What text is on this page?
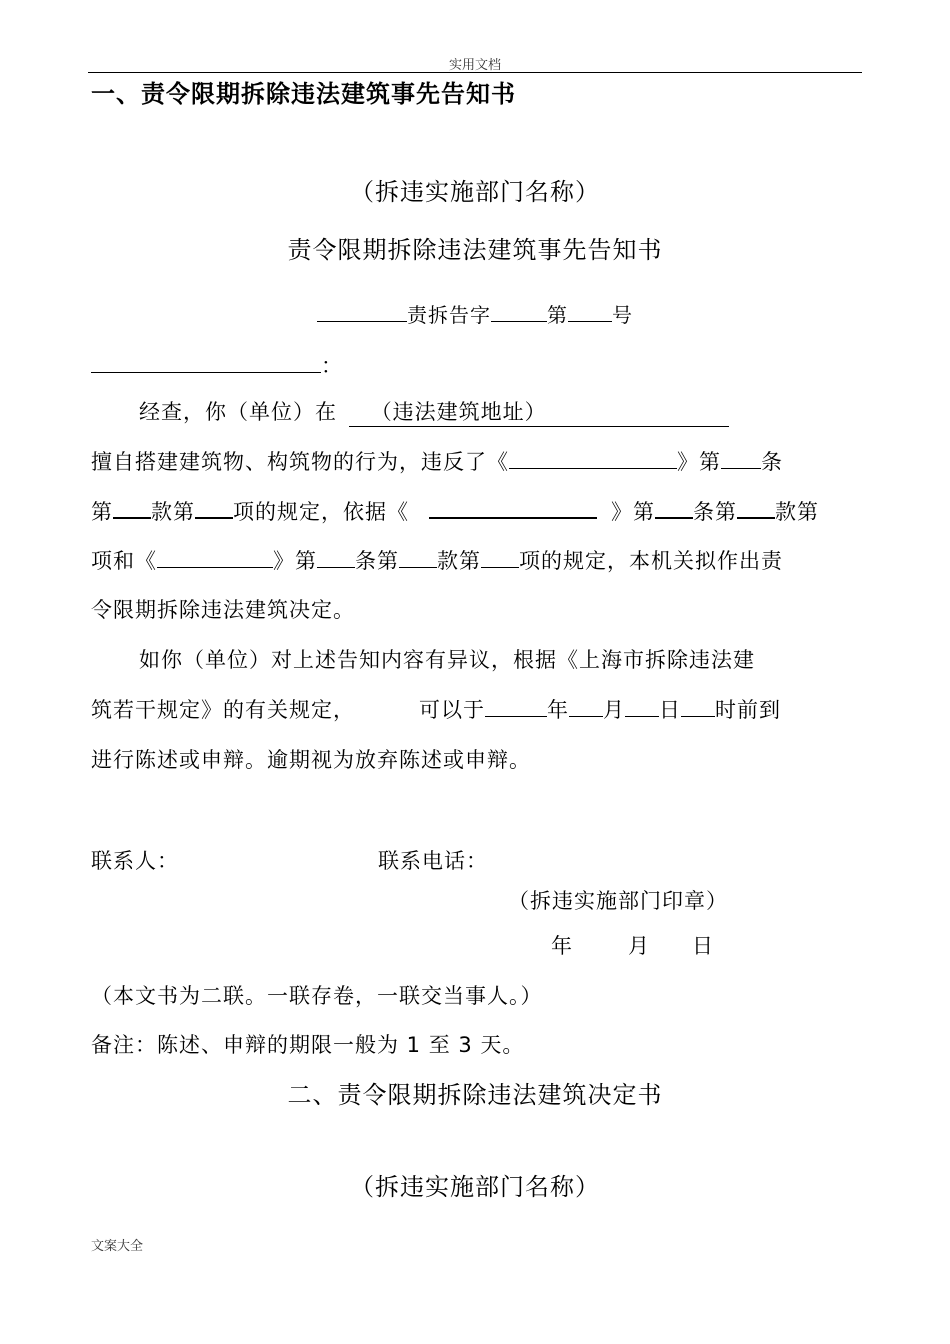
实用文档
一、责令限期拆除违法建筑事先告知书
（拆违实施部门名称）
责令限期拆除违法建筑事先告知书
责拆告字	第 号
：
经查，你（单位）在 （违法建筑地址）
擅自搭建建筑物、构筑物的行为，违反了《	》第 条
第 款第 项的规定，依据《	》第 条第 款第
项和《	》第 条第 款第 项的规定，本机关拟作出责
令限期拆除违法建筑决定。
如你（单位）对上述告知内容有异议，根据《上海市拆除违法建
筑若干规定》的有关规定，	可以于	年 月 日 时前到
进行陈述或申辩。逾期视为放弃陈述或申辩。
联系人：	联系电话：
（拆违实施部门印章）
年	月 日
（本文书为二联。一联存卷，一联交当事人。）
备注：陈述、申辩的期限一般为 1 至 3 天。
二、责令限期拆除违法建筑决定书
（拆违实施部门名称）
文案大全
